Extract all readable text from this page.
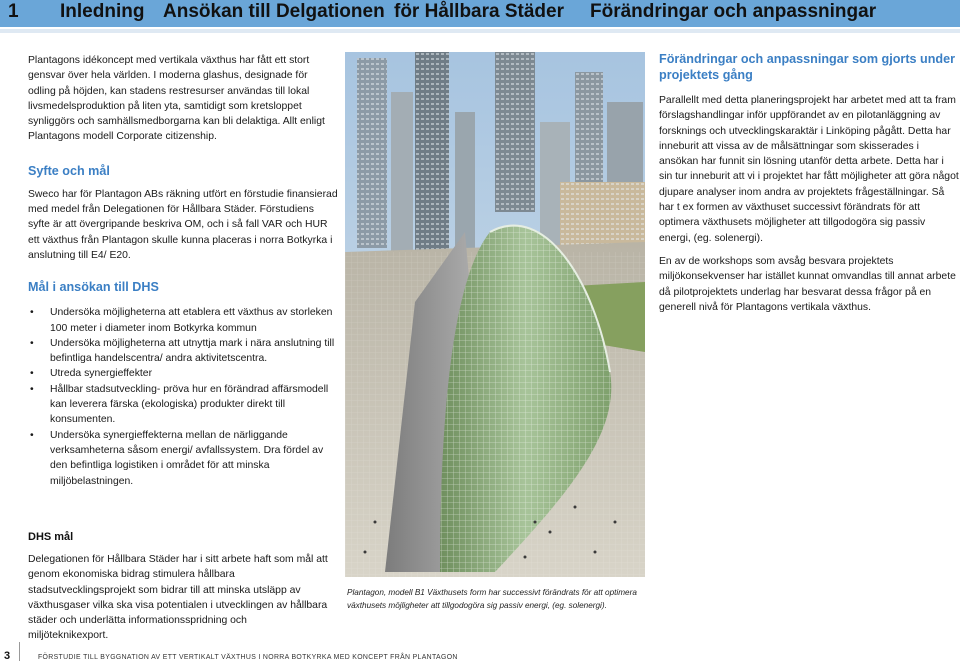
1 Inledning Ansökan till Delgationen för Hållbara Städer Förändringar och anpassningar

Plantagons idékoncept med vertikala växthus har fått ett stort gensvar över hela världen. I moderna glashus, designade för odling på höjden, kan stadens restresurser användas till lokal livsmedelsproduktion på liten yta, samtidigt som kretsloppet synliggörs och samhällsmedborgarna kan bli delaktiga. Allt enligt Plantagons modell Corporate citizenship.

Syfte och mål

Sweco har för Plantagon ABs räkning utfört en förstudie finansierad med medel från Delegationen för Hållbara Städer. Förstudiens syfte är att övergripande beskriva OM, och i så fall VAR och HUR ett växthus från Plantagon skulle kunna placeras i norra Botkyrka i anslutning till E4/ E20.

Mål i ansökan till DHS
• Undersöka möjligheterna att etablera ett växthus av storleken 100 meter i diameter inom Botkyrka kommun
• Undersöka möjligheterna att utnyttja mark i nära anslutning till befintliga handelscentra/ andra aktivitetscentra.
• Utreda synergieffekter
• Hållbar stadsutveckling- pröva hur en förändrad affärsmodell kan leverera färska (ekologiska) produkter direkt till konsumenten.
• Undersöka synergieffekterna mellan de närliggande verksamheterna såsom energi/ avfallssystem. Dra fördel av den befintliga logistiken i området för att minska miljöbelastningen.
DHS mål

Delegationen för Hållbara Städer har i sitt arbete haft som mål att genom ekonomiska bidrag stimulera hållbara stadsutvecklingsprojekt som bidrar till att minska utsläpp av växthusgaser vilka ska visa potentialen i utvecklingen av hållbara städer och underlätta informationsspridning och miljöteknikexport.

Plantagon, modell B1 Växthusets form har successivt förändrats för att optimera växthusets möjligheter att tillgodogöra sig passiv energi, (eg. solenergi).
Förändringar och anpassningar som gjorts under projektets gång

Parallellt med detta planeringsprojekt har arbetet med att ta fram förslagshandlingar inför uppförandet av en pilotanläggning av forsknings och utvecklingskaraktär i Linköping pågått. Detta har inneburit att vissa av de målsättningar som skisserades i ansökan har funnit sin lösning utanför detta arbete. Detta har i sin tur inneburit att vi i projektet har fått möjligheter att göra något djupare analyser inom andra av projektets frågeställningar. Så har t ex formen av växthuset successivt förändrats för att optimera växthusets möjligheter att tillgodogöra sig passiv energi, (eg. solenergi).

En av de workshops som avsåg besvara projektets miljökonsekvenser har istället kunnat omvandlas till annat arbete då pilotprojektets underlag har besvarat dessa frågor på en generell nivå för Plantagons vertikala växthus.

3	FÖRSTUDIE TILL BYGGNATION AV ETT VERTIKALT VÄXTHUS I NORRA BOTKYRKA MED KONCEPT FRÅN PLANTAGON
